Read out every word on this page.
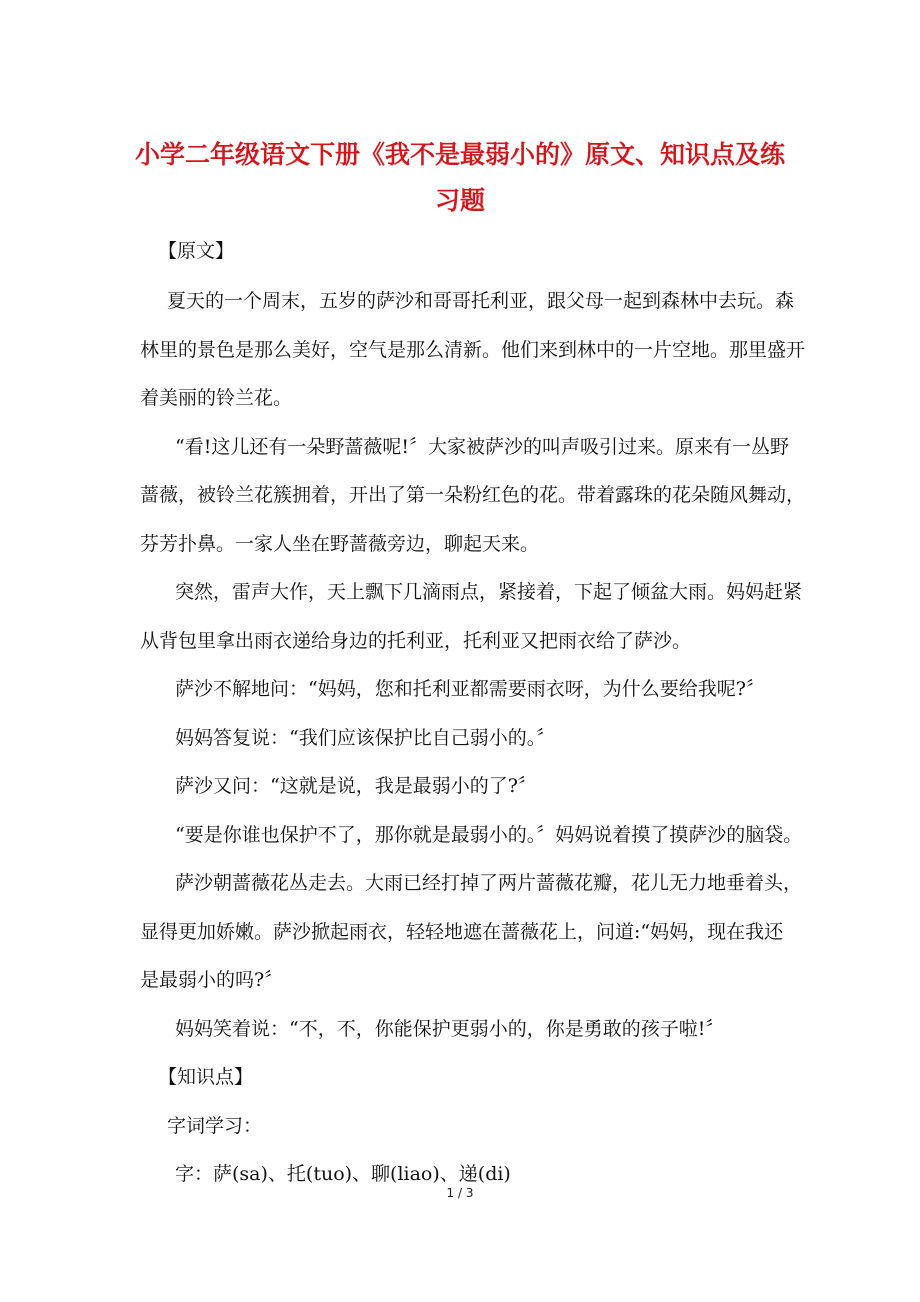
小学二年级语文下册《我不是最弱小的》原文、知识点及练
习题
【原文】
夏天的一个周末，五岁的萨沙和哥哥托利亚，跟父母一起到森林中去玩。森
林里的景色是那么美好，空气是那么清新。他们来到林中的一片空地。那里盛开
着美丽的铃兰花。
“看!这儿还有一朵野蔷薇呢!〞大家被萨沙的叫声吸引过来。原来有一丛野
蔷薇，被铃兰花簇拥着，开出了第一朵粉红色的花。带着露珠的花朵随风舞动，
芬芳扑鼻。一家人坐在野蔷薇旁边，聊起天来。
突然，雷声大作，天上飘下几滴雨点，紧接着，下起了倾盆大雨。妈妈赶紧
从背包里拿出雨衣递给身边的托利亚，托利亚又把雨衣给了萨沙。
萨沙不解地问：“妈妈，您和托利亚都需要雨衣呀，为什么要给我呢?〞
妈妈答复说：“我们应该保护比自己弱小的。〞
萨沙又问：“这就是说，我是最弱小的了?〞
“要是你谁也保护不了，那你就是最弱小的。〞妈妈说着摸了摸萨沙的脑袋。
萨沙朝蔷薇花丛走去。大雨已经打掉了两片蔷薇花瓣，花儿无力地垂着头，
显得更加娇嫩。萨沙掀起雨衣，轻轻地遮在蔷薇花上，问道:“妈妈，现在我还
是最弱小的吗?〞
妈妈笑着说：“不，不，你能保护更弱小的，你是勇敢的孩子啦!〞
【知识点】
字词学习：
字：萨(sa)、托(tuo)、聊(liao)、递(di)
1 / 3
